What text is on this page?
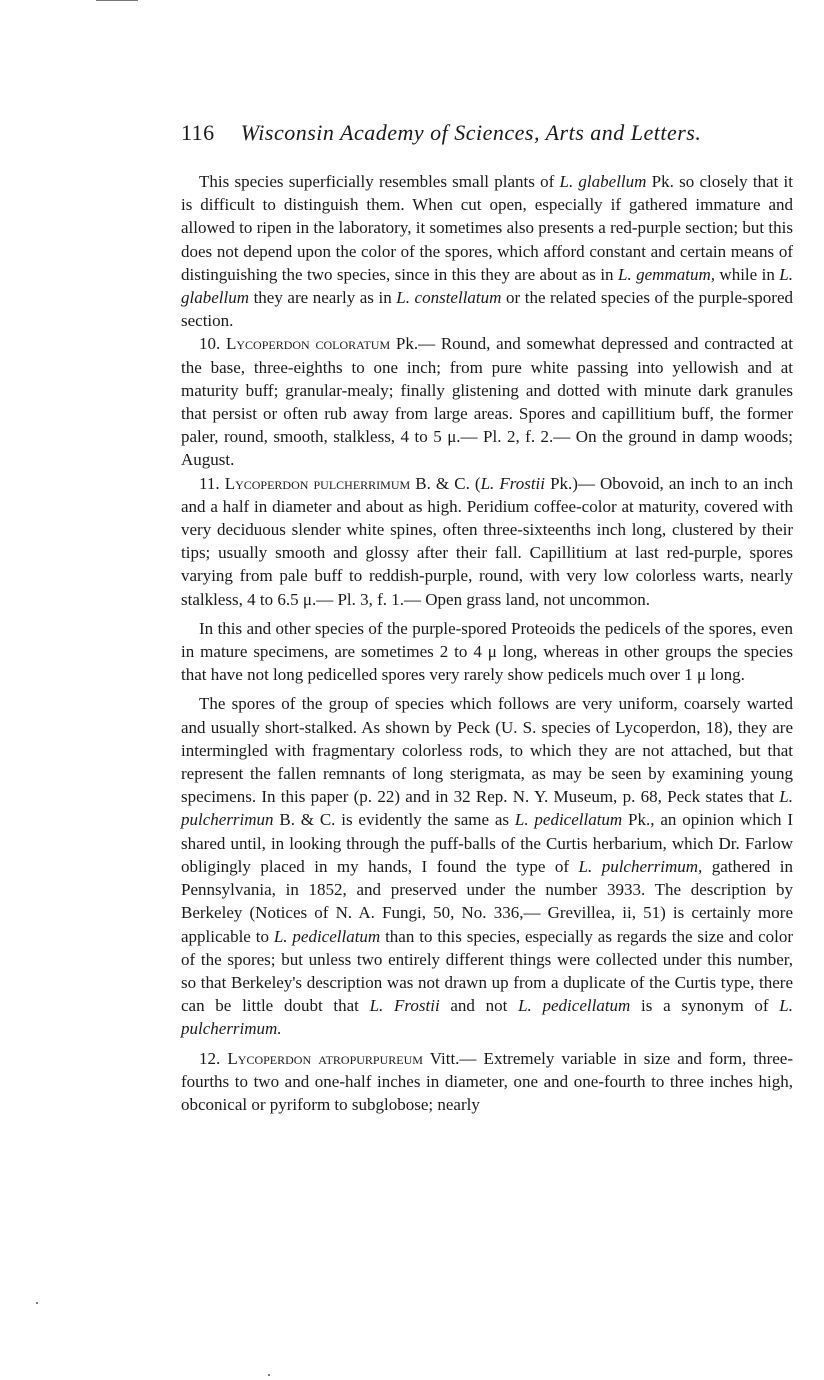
116 Wisconsin Academy of Sciences, Arts and Letters.

This species superficially resembles small plants of L. glabellum Pk. so closely that it is difficult to distinguish them. When cut open, especially if gathered immature and allowed to ripen in the laboratory, it sometimes also presents a red-purple section; but this does not depend upon the color of the spores, which afford constant and certain means of distinguishing the two species, since in this they are about as in L. gemmatum, while in L. glabellum they are nearly as in L. constellatum or the related species of the purple-spored section.

10. Lycoperdon coloratum Pk.— Round, and somewhat depressed and contracted at the base, three-eighths to one inch; from pure white passing into yellowish and at maturity buff; granular-mealy; finally glistening and dotted with minute dark granules that persist or often rub away from large areas. Spores and capillitium buff, the former paler, round, smooth, stalkless, 4 to 5 μ.— Pl. 2, f. 2.— On the ground in damp woods; August.

11. Lycoperdon pulcherrimum B. & C. (L. Frostii Pk.)— Obovoid, an inch to an inch and a half in diameter and about as high. Peridium coffee-color at maturity, covered with very deciduous slender white spines, often three-sixteenths inch long, clustered by their tips; usually smooth and glossy after their fall. Capillitium at last red-purple, spores varying from pale buff to reddish-purple, round, with very low colorless warts, nearly stalkless, 4 to 6.5 μ.— Pl. 3, f. 1.— Open grass land, not uncommon.

In this and other species of the purple-spored Proteoids the pedicels of the spores, even in mature specimens, are sometimes 2 to 4 μ long, whereas in other groups the species that have not long pedicelled spores very rarely show pedicels much over 1 μ long.

The spores of the group of species which follows are very uniform, coarsely warted and usually short-stalked. As shown by Peck (U. S. species of Lycoperdon, 18), they are intermingled with fragmentary colorless rods, to which they are not attached, but that represent the fallen remnants of long sterigmata, as may be seen by examining young specimens. In this paper (p. 22) and in 32 Rep. N. Y. Museum, p. 68, Peck states that L. pulcherrimun B. & C. is evidently the same as L. pedicellatum Pk., an opinion which I shared until, in looking through the puff-balls of the Curtis herbarium, which Dr. Farlow obligingly placed in my hands, I found the type of L. pulcherrimum, gathered in Pennsylvania, in 1852, and preserved under the number 3933. The description by Berkeley (Notices of N. A. Fungi, 50, No. 336,— Grevillea, ii, 51) is certainly more applicable to L. pedicellatum than to this species, especially as regards the size and color of the spores; but unless two entirely different things were collected under this number, so that Berkeley's description was not drawn up from a duplicate of the Curtis type, there can be little doubt that L. Frostii and not L. pedicellatum is a synonym of L. pulcherrimum.

12. Lycoperdon atropurpureum Vitt.— Extremely variable in size and form, three-fourths to two and one-half inches in diameter, one and one-fourth to three inches high, obconical or pyriform to subglobose; nearly
